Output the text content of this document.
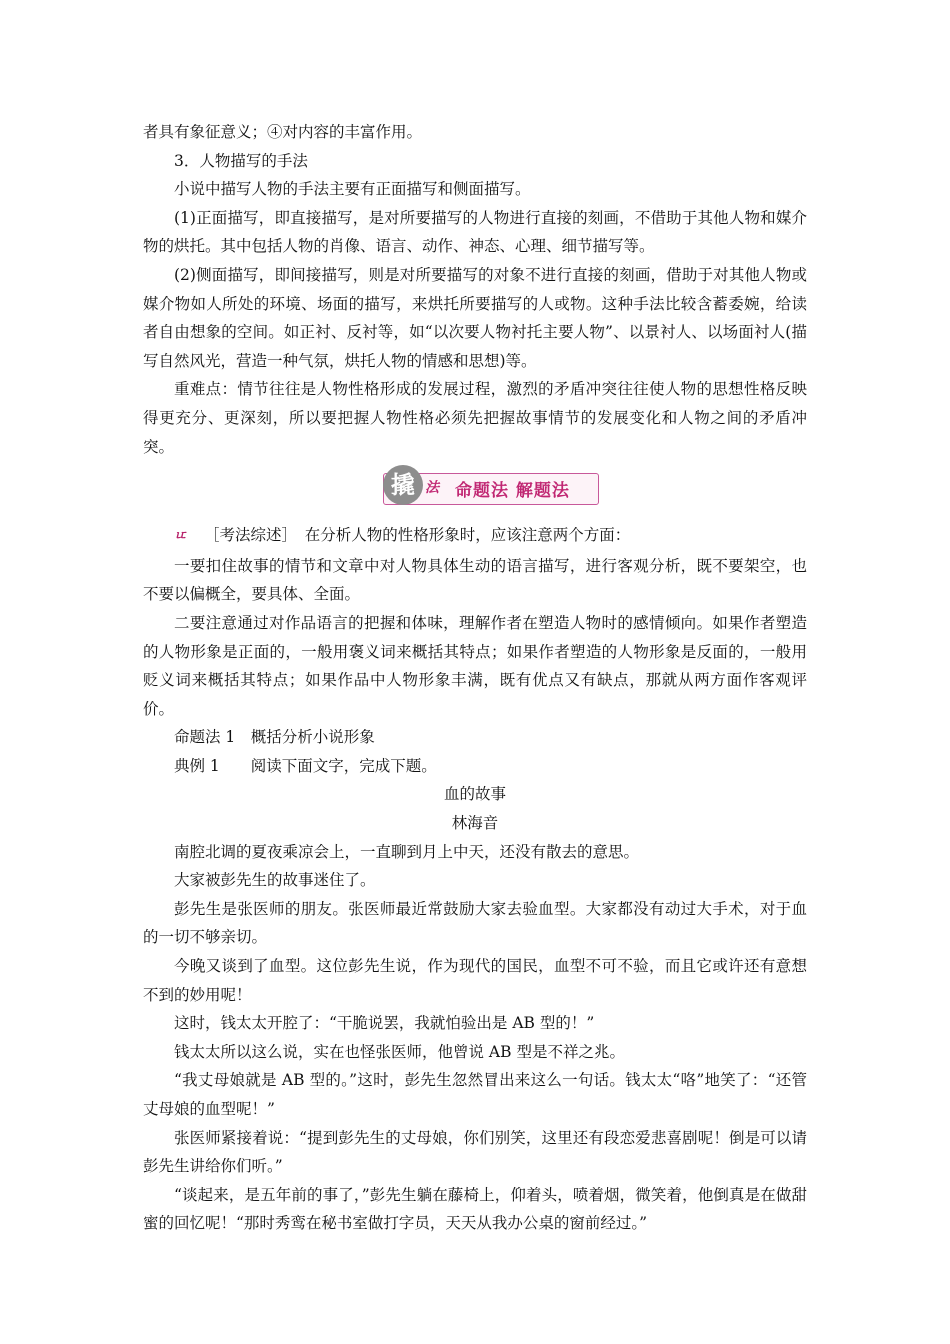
者具有象征意义；④对内容的丰富作用。

3．人物描写的手法

小说中描写人物的手法主要有正面描写和侧面描写。

(1)正面描写，即直接描写，是对所要描写的人物进行直接的刻画，不借助于其他人物和媒介物的烘托。其中包括人物的肖像、语言、动作、神态、心理、细节描写等。

(2)侧面描写，即间接描写，则是对所要描写的对象不进行直接的刻画，借助于对其他人物或媒介物如人所处的环境、场面的描写，来烘托所要描写的人或物。这种手法比较含蓄委婉，给读者自由想象的空间。如正衬、反衬等，如“以次要人物衬托主要人物”、以景衬人、以场面衬人(描写自然风光，营造一种气氛，烘托人物的情感和思想)等。

重难点：情节往往是人物性格形成的发展过程，激烈的矛盾冲突往往使人物的思想性格反映得更充分、更深刻，所以要把握人物性格必须先把握故事情节的发展变化和人物之间的矛盾冲突。

撬 法 命题法 解题法

ㅦ ［考法综述］　在分析人物的性格形象时，应该注意两个方面：

一要扣住故事的情节和文章中对人物具体生动的语言描写，进行客观分析，既不要架空，也不要以偏概全，要具体、全面。

二要注意通过对作品语言的把握和体味，理解作者在塑造人物时的感情倾向。如果作者塑造的人物形象是正面的，一般用褒义词来概括其特点；如果作者塑造的人物形象是反面的，一般用贬义词来概括其特点；如果作品中人物形象丰满，既有优点又有缺点，那就从两方面作客观评价。

命题法 1　概括分析小说形象

典例 1　　阅读下面文字，完成下题。

血的故事

林海音

南腔北调的夏夜乘凉会上，一直聊到月上中天，还没有散去的意思。

大家被彭先生的故事迷住了。

彭先生是张医师的朋友。张医师最近常鼓励大家去验血型。大家都没有动过大手术，对于血的一切不够亲切。

今晚又谈到了血型。这位彭先生说，作为现代的国民，血型不可不验，而且它或许还有意想不到的妙用呢！

这时，钱太太开腔了：“干脆说罢，我就怕验出是 AB 型的！”

钱太太所以这么说，实在也怪张医师，他曾说 AB 型是不祥之兆。

“我丈母娘就是 AB 型的。”这时，彭先生忽然冒出来这么一句话。钱太太“咯”地笑了：“还管丈母娘的血型呢！”

张医师紧接着说：“提到彭先生的丈母娘，你们别笑，这里还有段恋爱悲喜剧呢！倒是可以请彭先生讲给你们听。”

“谈起来，是五年前的事了，”彭先生躺在藤椅上，仰着头，喷着烟，微笑着，他倒真是在做甜蜜的回忆呢！“那时秀鸾在秘书室做打字员，天天从我办公桌的窗前经过。”
